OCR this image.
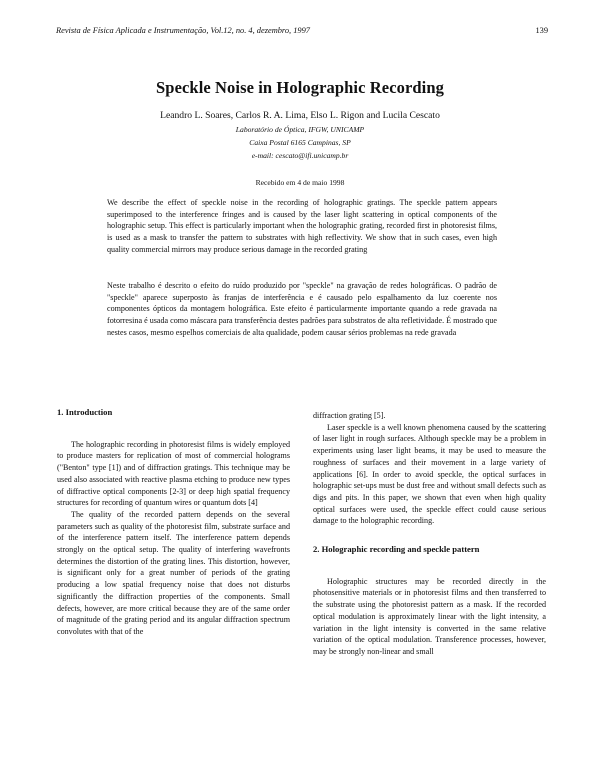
Revista de Física Aplicada e Instrumentação, Vol.12, no. 4, dezembro, 1997	139
Speckle Noise in Holographic Recording
Leandro L. Soares, Carlos R. A. Lima, Elso L. Rigon and Lucila Cescato
Laboratório de Óptica, IFGW, UNICAMP
Caixa Postal 6165 Campinas, SP
e-mail: cescato@ifi.unicamp.br
Recebido em 4 de maio 1998

We describe the effect of speckle noise in the recording of holographic gratings. The speckle pattern appears superimposed to the interference fringes and is caused by the laser light scattering in optical components of the holographic setup. This effect is particularly important when the holographic grating, recorded first in photoresist films, is used as a mask to transfer the pattern to substrates with high reflectivity. We show that in such cases, even high quality commercial mirrors may produce serious damage in the recorded grating

Neste trabalho é descrito o efeito do ruído produzido por "speckle" na gravação de redes holográficas. O padrão de "speckle" aparece superposto às franjas de interferência e é causado pelo espalhamento da luz coerente nos componentes ópticos da montagem holográfica. Este efeito é particularmente importante quando a rede gravada na fotorresina é usada como máscara para transferência destes padrões para substratos de alta refletividade. É mostrado que nestes casos, mesmo espelhos comerciais de alta qualidade, podem causar sérios problemas na rede gravada

1. Introduction

The holographic recording in photoresist films is widely employed to produce masters for replication of most of commercial holograms ("Benton" type [1]) and of diffraction gratings. This technique may be used also associated with reactive plasma etching to produce new types of diffractive optical components [2-3] or deep high spatial frequency structures for recording of quantum wires or quantum dots [4]

The quality of the recorded pattern depends on the several parameters such as quality of the photoresist film, substrate surface and of the interference pattern itself. The interference pattern depends strongly on the optical setup. The quality of interfering wavefronts determines the distortion of the grating lines. This distortion, however, is significant only for a great number of periods of the grating producing a low spatial frequency noise that does not disturbs significantly the diffraction properties of the components. Small defects, however, are more critical because they are of the same order of magnitude of the grating period and its angular diffraction spectrum convolutes with that of the

diffraction grating [5].

Laser speckle is a well known phenomena caused by the scattering of laser light in rough surfaces. Although speckle may be a problem in experiments using laser light beams, it may be used to measure the roughness of surfaces and their movement in a large variety of applications [6]. In order to avoid speckle, the optical surfaces in holographic set-ups must be dust free and without small defects such as digs and pits. In this paper, we shown that even when high quality optical surfaces were used, the speckle effect could cause serious damage to the holographic recording.

2. Holographic recording and speckle pattern

Holographic structures may be recorded directly in the photosensitive materials or in photoresist films and then transferred to the substrate using the photoresist pattern as a mask. If the recorded optical modulation is approximately linear with the light intensity, a variation in the light intensity is converted in the same relative variation of the optical modulation. Transference processes, however, may be strongly non-linear and small
